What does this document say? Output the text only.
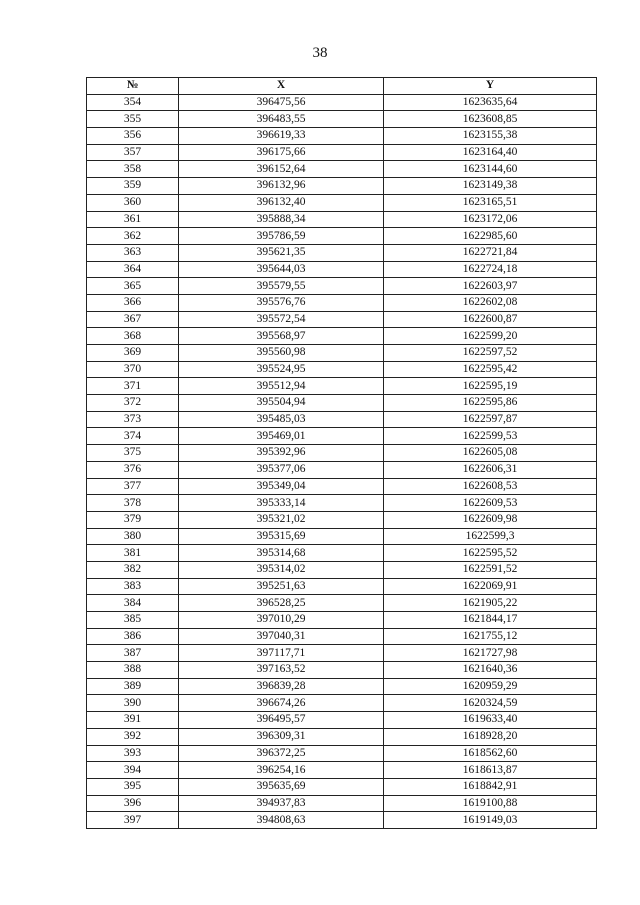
38
№	X	Y
354	396475,56	1623635,64
355	396483,55	1623608,85
356	396619,33	1623155,38
357	396175,66	1623164,40
358	396152,64	1623144,60
359	396132,96	1623149,38
360	396132,40	1623165,51
361	395888,34	1623172,06
362	395786,59	1622985,60
363	395621,35	1622721,84
364	395644,03	1622724,18
365	395579,55	1622603,97
366	395576,76	1622602,08
367	395572,54	1622600,87
368	395568,97	1622599,20
369	395560,98	1622597,52
370	395524,95	1622595,42
371	395512,94	1622595,19
372	395504,94	1622595,86
373	395485,03	1622597,87
374	395469,01	1622599,53
375	395392,96	1622605,08
376	395377,06	1622606,31
377	395349,04	1622608,53
378	395333,14	1622609,53
379	395321,02	1622609,98
380	395315,69	1622599,3
381	395314,68	1622595,52
382	395314,02	1622591,52
383	395251,63	1622069,91
384	396528,25	1621905,22
385	397010,29	1621844,17
386	397040,31	1621755,12
387	397117,71	1621727,98
388	397163,52	1621640,36
389	396839,28	1620959,29
390	396674,26	1620324,59
391	396495,57	1619633,40
392	396309,31	1618928,20
393	396372,25	1618562,60
394	396254,16	1618613,87
395	395635,69	1618842,91
396	394937,83	1619100,88
397	394808,63	1619149,03
